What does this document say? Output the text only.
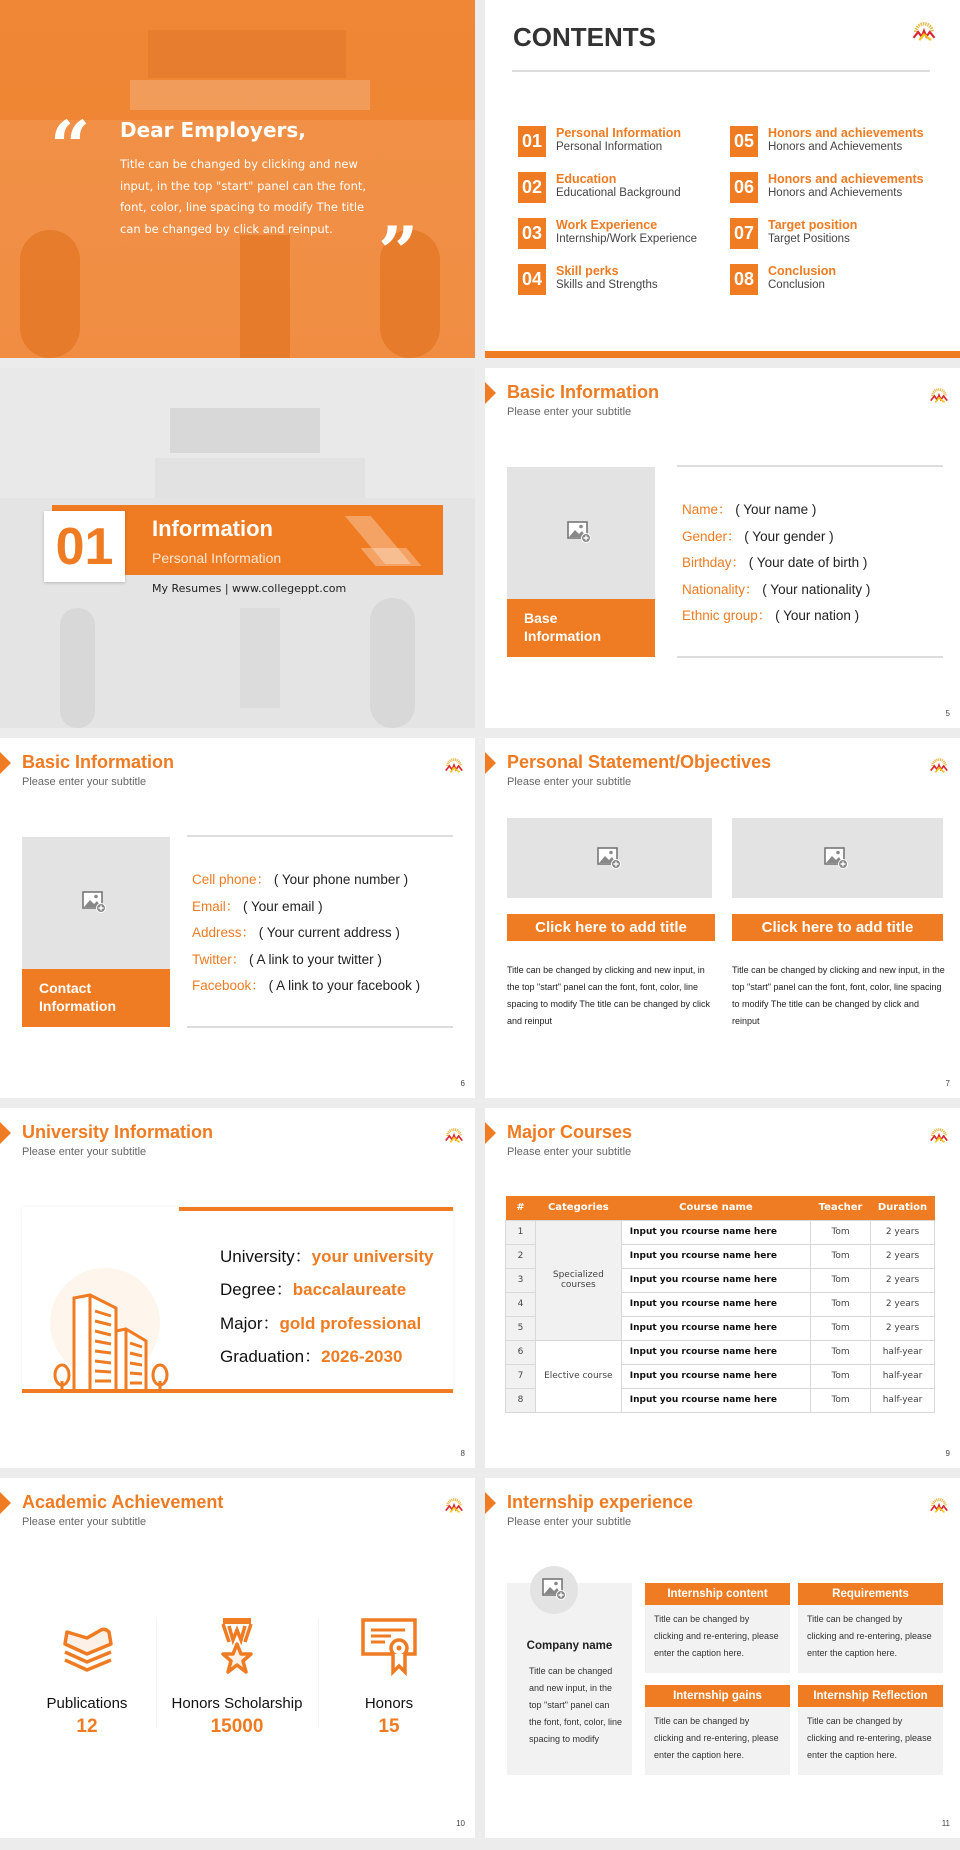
“ Dear Employers,
Title can be changed by clicking and new input, in the top "start" panel can the font, font, color, line spacing to modify The title can be changed by click and reinput. ”
CONTENTS
01	Personal Information
Personal Information
02	Education
Educational Background
03	Work Experience
Internship/Work Experience
04	Skill perks
Skills and Strengths
05	Honors and achievements
Honors and Achievements
06	Honors and achievements
Honors and Achievements
07	Target position
Target Positions
08	Conclusion
Conclusion
01	Information
Personal Information
My Resumes | www.collegeppt.com
Basic Information
Please enter your subtitle
Base Information
Name： ( Your name )
Gender： ( Your gender )
Birthday： ( Your date of birth )
Nationality： ( Your nationality )
Ethnic group： ( Your nation )
5
Basic Information
Please enter your subtitle
Contact Information
Cell phone： ( Your phone number )
Email： ( Your email )
Address： ( Your current address )
Twitter： ( A link to your twitter )
Facebook： ( A link to your facebook )
6
Personal Statement/Objectives
Please enter your subtitle
Click here to add title
Title can be changed by clicking and new input, in the top "start" panel can the font, font, color, line spacing to modify The title can be changed by click and reinput
Click here to add title
Title can be changed by clicking and new input, in the top "start" panel can the font, font, color, line spacing to modify The title can be changed by click and reinput
7
University Information
Please enter your subtitle
University：your university
Degree：baccalaureate
Major：gold professional
Graduation：2026-2030
8
Major Courses
Please enter your subtitle
#	Categories	Course name	Teacher	Duration
1	Specialized courses	Input you rcourse name here	Tom	2 years
2		Input you rcourse name here	Tom	2 years
3		Input you rcourse name here	Tom	2 years
4		Input you rcourse name here	Tom	2 years
5		Input you rcourse name here	Tom	2 years
6	Elective course	Input you rcourse name here	Tom	half-year
7		Input you rcourse name here	Tom	half-year
8		Input you rcourse name here	Tom	half-year
9
Academic Achievement
Please enter your subtitle
Publications
12
Honors Scholarship
15000
Honors
15
10
Internship experience
Please enter your subtitle
Company name
Title can be changed and new input, in the top "start" panel can the font, font, color, line spacing to modify
Internship content
Title can be changed by clicking and re-entering, please enter the caption here.
Requirements
Title can be changed by clicking and re-entering, please enter the caption here.
Internship gains
Title can be changed by clicking and re-entering, please enter the caption here.
Internship Reflection
Title can be changed by clicking and re-entering, please enter the caption here.
11
